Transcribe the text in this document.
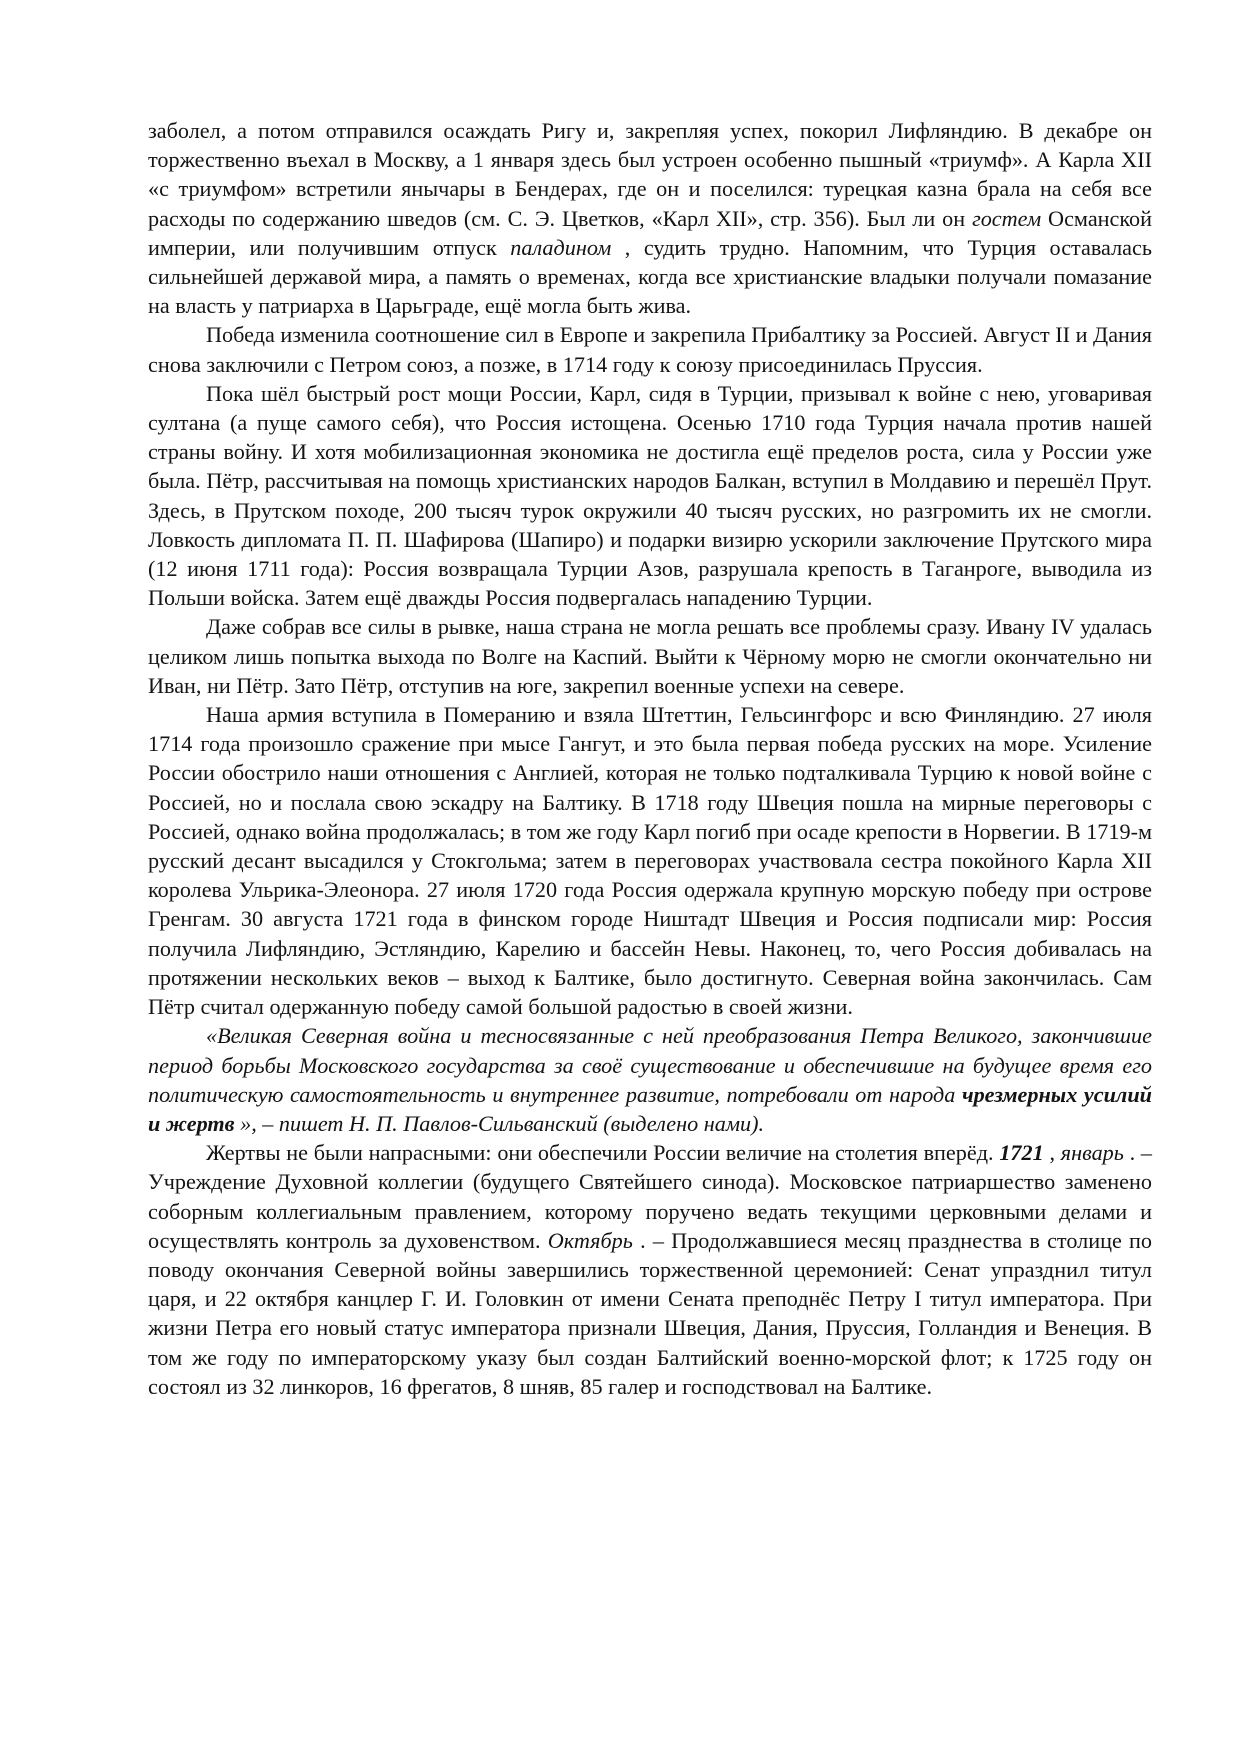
заболел, а потом отправился осаждать Ригу и, закрепляя успех, покорил Лифляндию. В декабре он торжественно въехал в Москву, а 1 января здесь был устроен особенно пышный «триумф». А Карла XII «с триумфом» встретили янычары в Бендерах, где он и поселился: турецкая казна брала на себя все расходы по содержанию шведов (см. С. Э. Цветков, «Карл XII», стр. 356). Был ли он гостем Османской империи, или получившим отпуск паладином , судить трудно. Напомним, что Турция оставалась сильнейшей державой мира, а память о временах, когда все христианские владыки получали помазание на власть у патриарха в Царьграде, ещё могла быть жива.

Победа изменила соотношение сил в Европе и закрепила Прибалтику за Россией. Август II и Дания снова заключили с Петром союз, а позже, в 1714 году к союзу присоединилась Пруссия.

Пока шёл быстрый рост мощи России, Карл, сидя в Турции, призывал к войне с нею, уговаривая султана (а пуще самого себя), что Россия истощена. Осенью 1710 года Турция начала против нашей страны войну. И хотя мобилизационная экономика не достигла ещё пределов роста, сила у России уже была. Пётр, рассчитывая на помощь христианских народов Балкан, вступил в Молдавию и перешёл Прут. Здесь, в Прутском походе, 200 тысяч турок окружили 40 тысяч русских, но разгромить их не смогли. Ловкость дипломата П. П. Шафирова (Шапиро) и подарки визирю ускорили заключение Прутского мира (12 июня 1711 года): Россия возвращала Турции Азов, разрушала крепость в Таганроге, выводила из Польши войска. Затем ещё дважды Россия подвергалась нападению Турции.

Даже собрав все силы в рывке, наша страна не могла решать все проблемы сразу. Ивану IV удалась целиком лишь попытка выхода по Волге на Каспий. Выйти к Чёрному морю не смогли окончательно ни Иван, ни Пётр. Зато Пётр, отступив на юге, закрепил военные успехи на севере.

Наша армия вступила в Померанию и взяла Штеттин, Гельсингфорс и всю Финляндию. 27 июля 1714 года произошло сражение при мысе Гангут, и это была первая победа русских на море. Усиление России обострило наши отношения с Англией, которая не только подталкивала Турцию к новой войне с Россией, но и послала свою эскадру на Балтику. В 1718 году Швеция пошла на мирные переговоры с Россией, однако война продолжалась; в том же году Карл погиб при осаде крепости в Норвегии. В 1719-м русский десант высадился у Стокгольма; затем в переговорах участвовала сестра покойного Карла XII королева Ульрика-Элеонора. 27 июля 1720 года Россия одержала крупную морскую победу при острове Гренгам. 30 августа 1721 года в финском городе Ништадт Швеция и Россия подписали мир: Россия получила Лифляндию, Эстляндию, Карелию и бассейн Невы. Наконец, то, чего Россия добивалась на протяжении нескольких веков – выход к Балтике, было достигнуто. Северная война закончилась. Сам Пётр считал одержанную победу самой большой радостью в своей жизни.

«Великая Северная война и тесносвязанные с ней преобразования Петра Великого, закончившие период борьбы Московского государства за своё существование и обеспечившие на будущее время его политическую самостоятельность и внутреннее развитие, потребовали от народа чрезмерных усилий и жертв », – пишет Н. П. Павлов-Сильванский (выделено нами).

Жертвы не были напрасными: они обеспечили России величие на столетия вперёд. 1721 , январь . – Учреждение Духовной коллегии (будущего Святейшего синода). Московское патриаршество заменено соборным коллегиальным правлением, которому поручено ведать текущими церковными делами и осуществлять контроль за духовенством. Октябрь . – Продолжавшиеся месяц празднества в столице по поводу окончания Северной войны завершились торжественной церемонией: Сенат упразднил титул царя, и 22 октября канцлер Г. И. Головкин от имени Сената преподнёс Петру I титул императора. При жизни Петра его новый статус императора признали Швеция, Дания, Пруссия, Голландия и Венеция. В том же году по императорскому указу был создан Балтийский военно-морской флот; к 1725 году он состоял из 32 линкоров, 16 фрегатов, 8 шняв, 85 галер и господствовал на Балтике.
